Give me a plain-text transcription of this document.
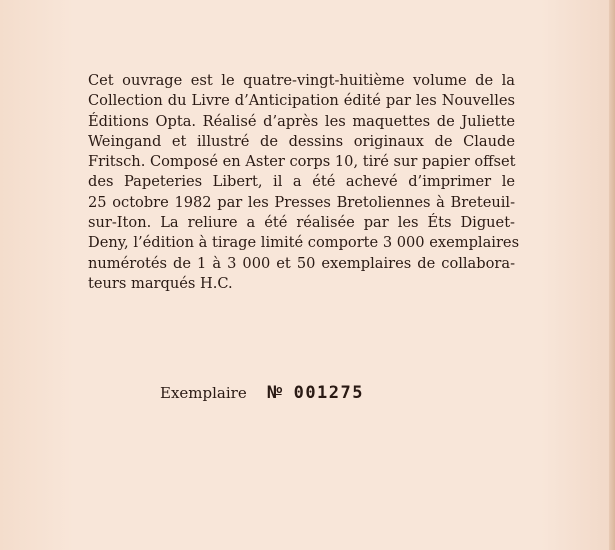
Cet ouvrage est le quatre-vingt-huitième volume de la
Collection du Livre d’Anticipation édité par les Nouvelles
Éditions Opta. Réalisé d’après les maquettes de Juliette
Weingand et illustré de dessins originaux de Claude
Fritsch. Composé en Aster corps 10, tiré sur papier offset
des Papeteries Libert, il a été achevé d’imprimer le
25 octobre 1982 par les Presses Bretoliennes à Breteuil-
sur-Iton. La reliure a été réalisée par les Éts Diguet-
Deny, l’édition à tirage limité comporte 3 000 exemplaires
numérotés de 1 à 3 000 et 50 exemplaires de collabora-
teurs marqués H.C.
Exemplaire $N^o$ 001275
